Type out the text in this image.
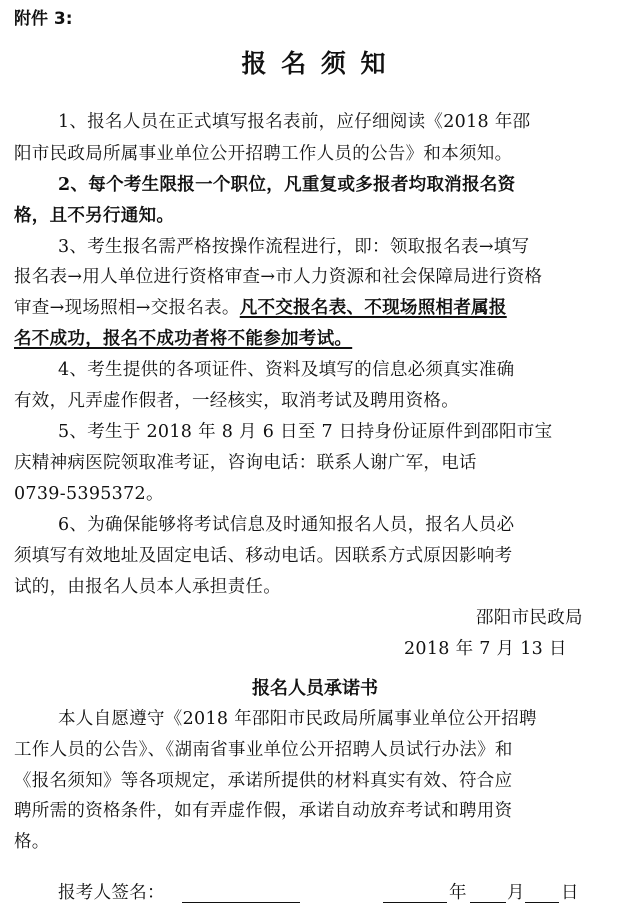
附件 3:
报 名 须 知
1、报名人员在正式填写报名表前，应仔细阅读《2018 年邵
阳市民政局所属事业单位公开招聘工作人员的公告》和本须知。
2、每个考生限报一个职位，凡重复或多报者均取消报名资
格，且不另行通知。
3、考生报名需严格按操作流程进行，即：领取报名表→填写
报名表→用人单位进行资格审查→市人力资源和社会保障局进行资格
审查→现场照相→交报名表。凡不交报名表、不现场照相者属报
名不成功，报名不成功者将不能参加考试。
4、考生提供的各项证件、资料及填写的信息必须真实准确
有效，凡弄虚作假者，一经核实，取消考试及聘用资格。
5、考生于 2018 年 8 月 6 日至 7 日持身份证原件到邵阳市宝
庆精神病医院领取准考证，咨询电话：联系人谢广军，电话
0739-5395372。
6、为确保能够将考试信息及时通知报名人员，报名人员必
须填写有效地址及固定电话、移动电话。因联系方式原因影响考
试的，由报名人员本人承担责任。
邵阳市民政局
2018 年 7 月 13 日
报名人员承诺书
本人自愿遵守《2018 年邵阳市民政局所属事业单位公开招聘
工作人员的公告》、《湖南省事业单位公开招聘人员试行办法》和
《报名须知》等各项规定，承诺所提供的材料真实有效、符合应
聘所需的资格条件，如有弄虚作假，承诺自动放弃考试和聘用资
格。
报考人签名：	年 月 日
